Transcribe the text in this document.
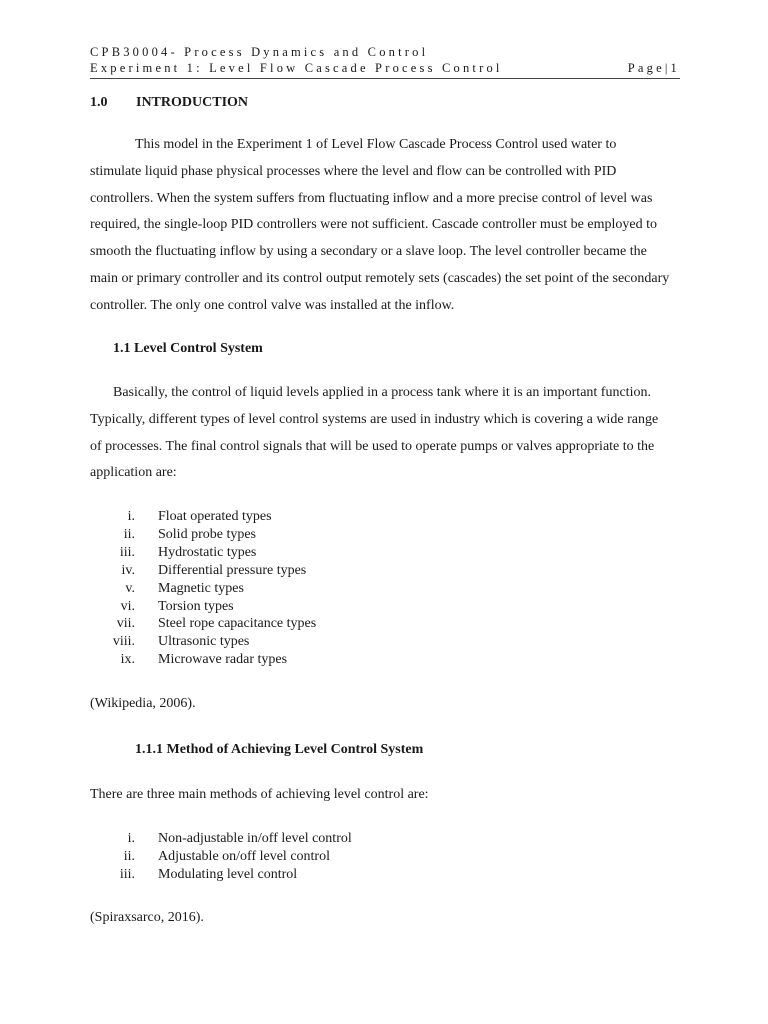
CPB30004- Process Dynamics and Control
Experiment 1: Level Flow Cascade Process Control	Page|1
1.0 INTRODUCTION
This model in the Experiment 1 of Level Flow Cascade Process Control used water to stimulate liquid phase physical processes where the level and flow can be controlled with PID controllers. When the system suffers from fluctuating inflow and a more precise control of level was required, the single-loop PID controllers were not sufficient. Cascade controller must be employed to smooth the fluctuating inflow by using a secondary or a slave loop. The level controller became the main or primary controller and its control output remotely sets (cascades) the set point of the secondary controller. The only one control valve was installed at the inflow.
1.1 Level Control System
Basically, the control of liquid levels applied in a process tank where it is an important function. Typically, different types of level control systems are used in industry which is covering a wide range of processes. The final control signals that will be used to operate pumps or valves appropriate to the application are:
i.	Float operated types
ii.	Solid probe types
iii.	Hydrostatic types
iv.	Differential pressure types
v.	Magnetic types
vi.	Torsion types
vii.	Steel rope capacitance types
viii.	Ultrasonic types
ix.	Microwave radar types
(Wikipedia, 2006).
1.1.1 Method of Achieving Level Control System
There are three main methods of achieving level control are:
i.	Non-adjustable in/off level control
ii.	Adjustable on/off level control
iii.	Modulating level control
(Spiraxsarco, 2016).
